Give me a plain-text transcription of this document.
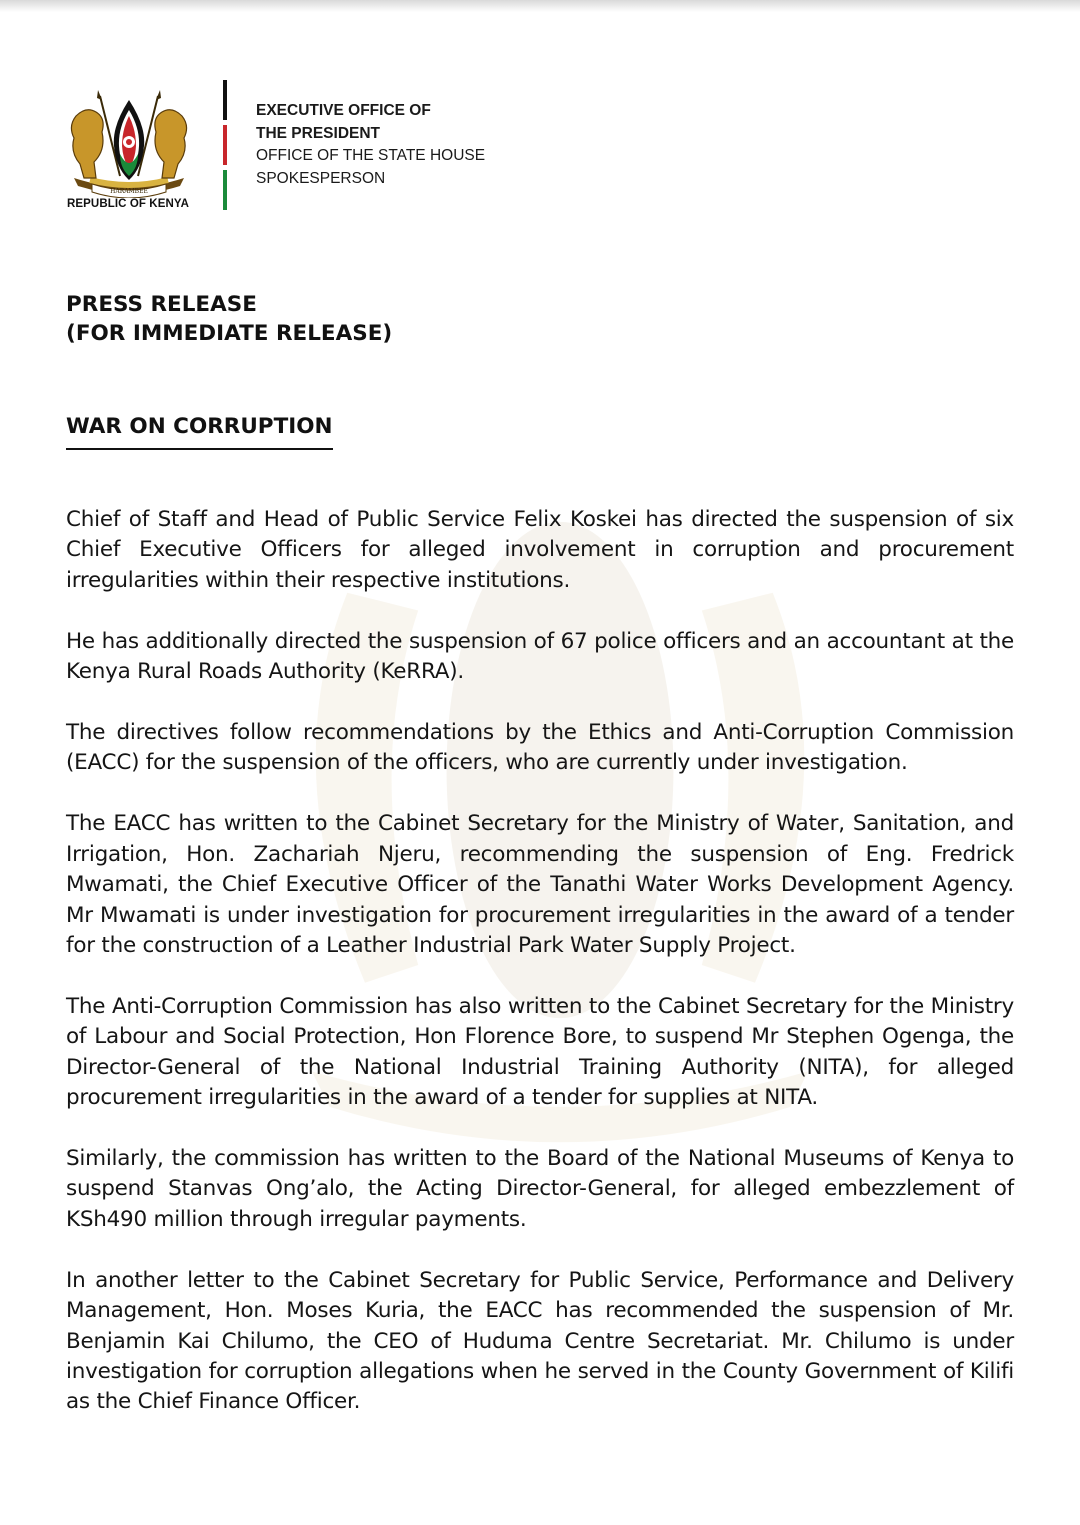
HARAMBEE
REPUBLIC OF KENYA
EXECUTIVE OFFICE OF
THE PRESIDENT
OFFICE OF THE STATE HOUSE
SPOKESPERSON
PRESS RELEASE
(FOR IMMEDIATE RELEASE)
WAR ON CORRUPTION

Chief of Staff and Head of Public Service Felix Koskei has directed the suspension of six Chief Executive Officers for alleged involvement in corruption and procurement irregularities within their respective institutions.

He has additionally directed the suspension of 67 police officers and an accountant at the Kenya Rural Roads Authority (KeRRA).

The directives follow recommendations by the Ethics and Anti-Corruption Commission (EACC) for the suspension of the officers, who are currently under investigation.

The EACC has written to the Cabinet Secretary for the Ministry of Water, Sanitation, and Irrigation, Hon. Zachariah Njeru, recommending the suspension of Eng. Fredrick Mwamati, the Chief Executive Officer of the Tanathi Water Works Development Agency. Mr Mwamati is under investigation for procurement irregularities in the award of a tender for the construction of a Leather Industrial Park Water Supply Project.

The Anti-Corruption Commission has also written to the Cabinet Secretary for the Ministry of Labour and Social Protection, Hon Florence Bore, to suspend Mr Stephen Ogenga, the Director-General of the National Industrial Training Authority (NITA), for alleged procurement irregularities in the award of a tender for supplies at NITA.

Similarly, the commission has written to the Board of the National Museums of Kenya to suspend Stanvas Ong’alo, the Acting Director-General, for alleged embezzlement of KSh490 million through irregular payments.

In another letter to the Cabinet Secretary for Public Service, Performance and Delivery Management, Hon. Moses Kuria, the EACC has recommended the suspension of Mr. Benjamin Kai Chilumo, the CEO of Huduma Centre Secretariat. Mr. Chilumo is under investigation for corruption allegations when he served in the County Government of Kilifi as the Chief Finance Officer.
